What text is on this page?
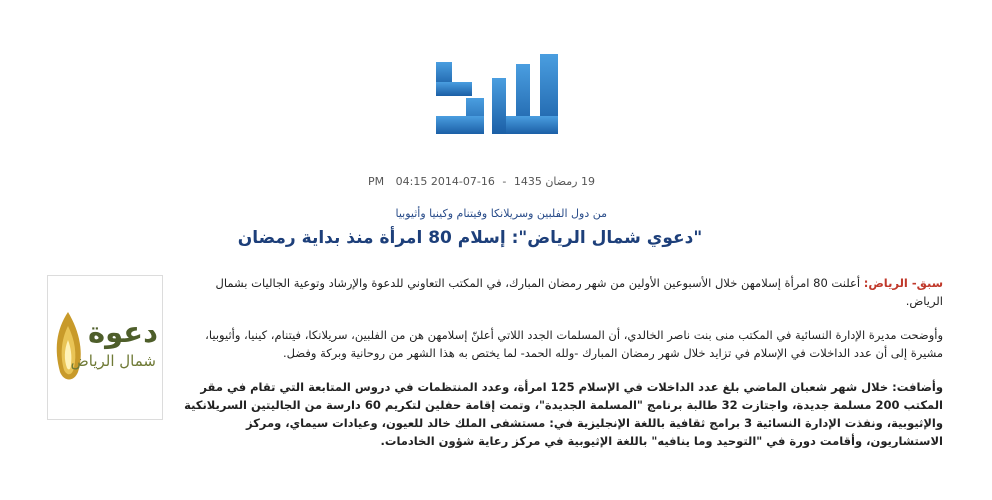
19 رمضان 1435 - 16-07-2014 04:15 PM
من دول الفلبين وسريلانكا وفيتنام وكينيا وأثيوبيا
"دعوي شمال الرياض": إسلام 80 امرأة منذ بداية رمضان
دعوة
شمال الرياض

سبق- الرياض: أعلنت 80 امرأة إسلامهن خلال الأسبوعين الأولين من شهر رمضان المبارك، في المكتب التعاوني للدعوة والإرشاد وتوعية الجاليات بشمال الرياض.

وأوضحت مديرة الإدارة النسائية في المكتب منى بنت ناصر الخالدي، أن المسلمات الجدد اللاتي أعلنّ إسلامهن هن من الفلبين، سريلانكا، فيتنام، كينيا، وأثيوبيا، مشيرة إلى أن عدد الداخلات في الإسلام في تزايد خلال شهر رمضان المبارك -ولله الحمد- لما يختص به هذا الشهر من روحانية وبركة وفضل.

وأضافت: خلال شهر شعبان الماضي بلغ عدد الداخلات في الإسلام 125 امرأة، وعدد المنتظمات في دروس المتابعة التي تقام في مقر المكتب 200 مسلمة جديدة، واجتازت 32 طالبة برنامج "المسلمة الجديدة"، وتمت إقامة حفلين لتكريم 60 دارسة من الجاليتين السريلانكية والإثيوبية، ونفذت الإدارة النسائية 3 برامج ثقافية باللغة الإنجليزية في: مستشفى الملك خالد للعيون، وعيادات سيماي، ومركز الاستشاريون، وأقامت دورة في "التوحيد وما ينافيه" باللغة الإثيوبية في مركز رعاية شؤون الخادمات.
